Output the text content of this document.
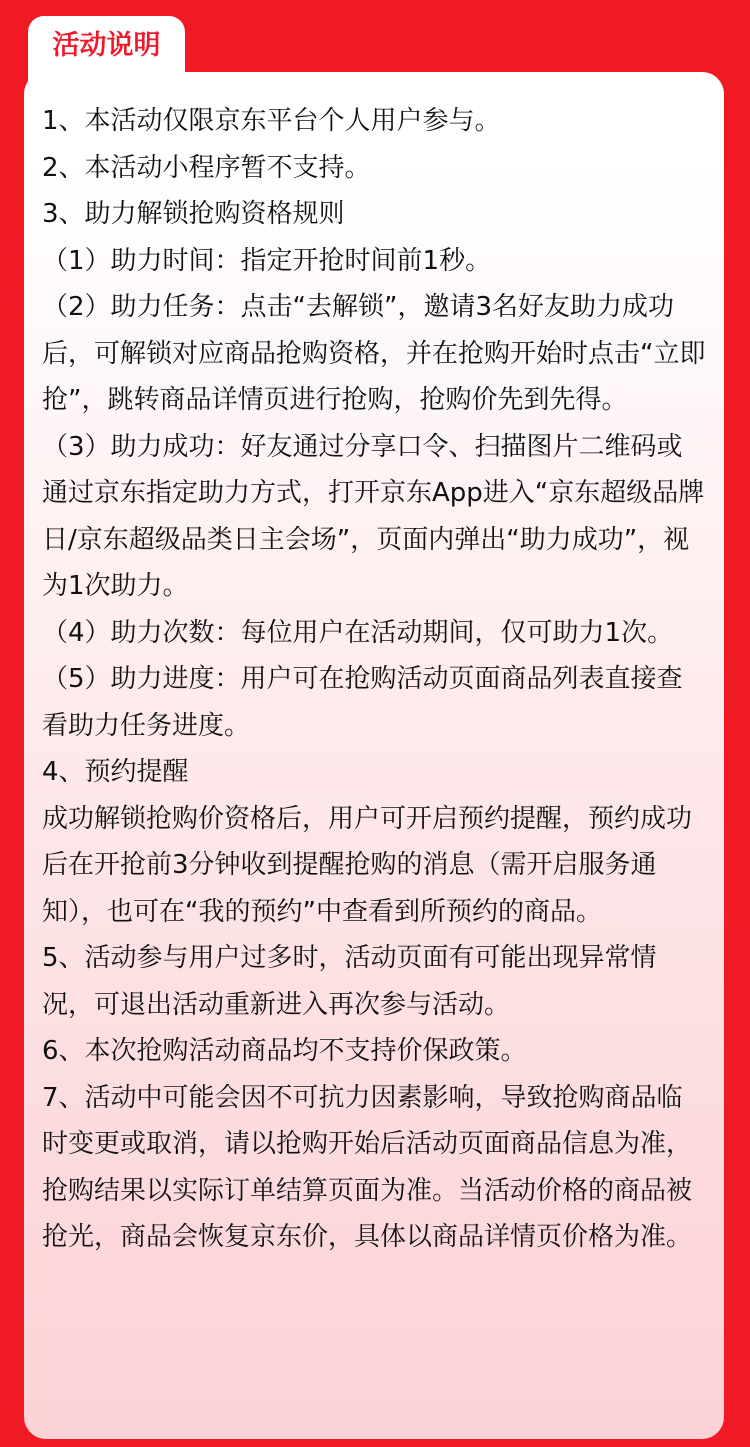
活动说明

1、本活动仅限京东平台个人用户参与。

2、本活动小程序暂不支持。

3、助力解锁抢购资格规则

（1）助力时间：指定开抢时间前1秒。

（2）助力任务：点击“去解锁”，邀请3名好友助力成功后，可解锁对应商品抢购资格，并在抢购开始时点击“立即抢”，跳转商品详情页进行抢购，抢购价先到先得。

（3）助力成功：好友通过分享口令、扫描图片二维码或通过京东指定助力方式，打开京东App进入“京东超级品牌日/京东超级品类日主会场”，页面内弹出“助力成功”，视为1次助力。

（4）助力次数：每位用户在活动期间，仅可助力1次。

（5）助力进度：用户可在抢购活动页面商品列表直接查看助力任务进度。

4、预约提醒

成功解锁抢购价资格后，用户可开启预约提醒，预约成功后在开抢前3分钟收到提醒抢购的消息（需开启服务通知），也可在“我的预约”中查看到所预约的商品。

5、活动参与用户过多时，活动页面有可能出现异常情况，可退出活动重新进入再次参与活动。

6、本次抢购活动商品均不支持价保政策。

7、活动中可能会因不可抗力因素影响，导致抢购商品临时变更或取消，请以抢购开始后活动页面商品信息为准，抢购结果以实际订单结算页面为准。当活动价格的商品被抢光，商品会恢复京东价，具体以商品详情页价格为准。
